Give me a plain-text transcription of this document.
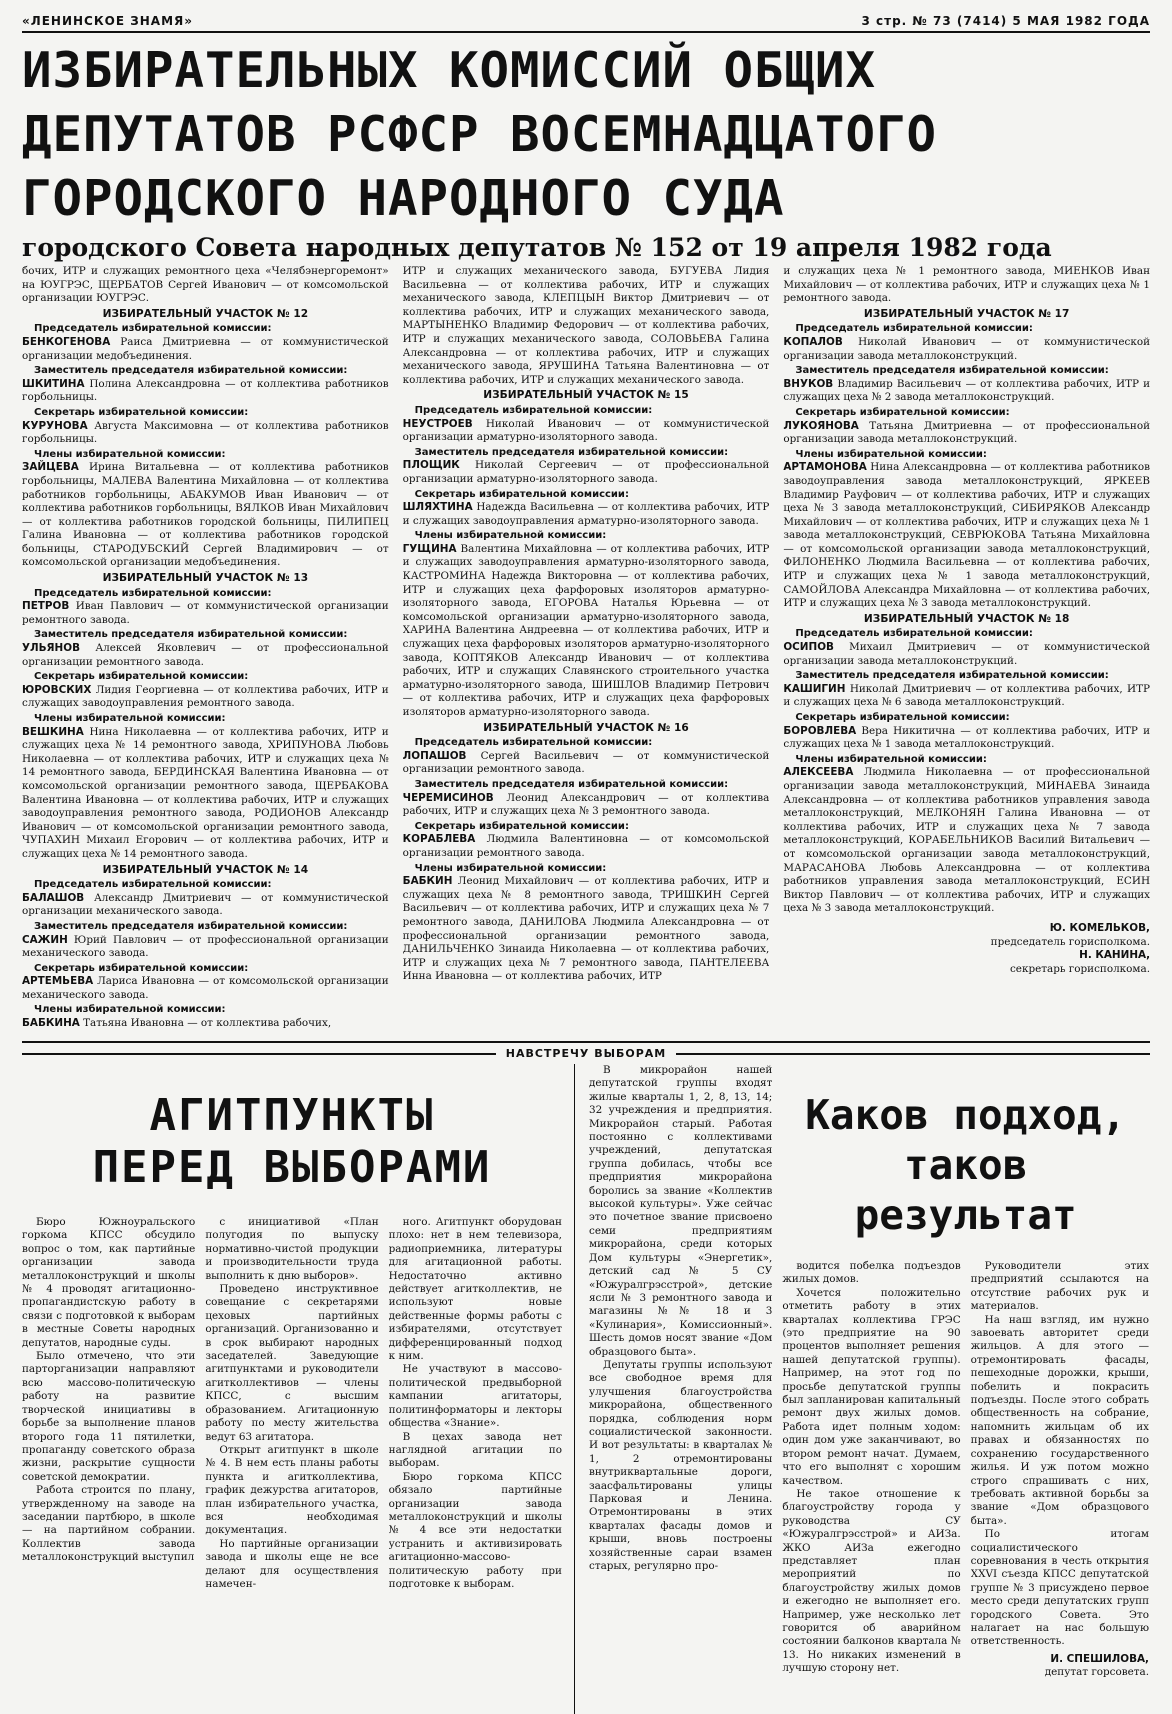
«ЛЕНИНСКОЕ ЗНАМЯ»	3 стр. № 73 (7414) 5 МАЯ 1982 ГОДА
ИЗБИРАТЕЛЬНЫХ КОМИССИЙ ОБЩИХ
ДЕПУТАТОВ РСФСР ВОСЕМНАДЦАТОГО
ГОРОДСКОГО НАРОДНОГО СУДА
городского Совета народных депутатов № 152 от 19 апреля 1982 года
бочих, ИТР и служащих ремонтного цеха «Челябэнергоремонт» на ЮУГРЭС, ЩЕРБАТОВ Сергей Иванович — от комсомольской организации ЮУГРЭС.
ИЗБИРАТЕЛЬНЫЙ УЧАСТОК № 12
Председатель избирательной комиссии:
БЕНКОГЕНОВА Раиса Дмитриевна — от коммунистической организации медобъединения.
Заместитель председателя избирательной комиссии:
ШКИТИНА Полина Александровна — от коллектива работников горбольницы.
Секретарь избирательной комиссии:
КУРУНОВА Августа Максимовна — от коллектива работников горбольницы.
Члены избирательной комиссии:
ЗАЙЦЕВА Ирина Витальевна — от коллектива работников горбольницы, МАЛЕВА Валентина Михайловна — от коллектива работников горбольницы, АБАКУМОВ Иван Иванович — от коллектива работников горбольницы, ВЯЛКОВ Иван Михайлович — от коллектива работников городской больницы, ПИЛИПЕЦ Галина Ивановна — от коллектива работников городской больницы, СТАРОДУБСКИЙ Сергей Владимирович — от комсомольской организации медобъединения.
ИЗБИРАТЕЛЬНЫЙ УЧАСТОК № 13
Председатель избирательной комиссии:
ПЕТРОВ Иван Павлович — от коммунистической организации ремонтного завода.
Заместитель председателя избирательной комиссии:
УЛЬЯНОВ Алексей Яковлевич — от профессиональной организации ремонтного завода.
Секретарь избирательной комиссии:
ЮРОВСКИХ Лидия Георгиевна — от коллектива рабочих, ИТР и служащих заводоуправления ремонтного завода.
Члены избирательной комиссии:
ВЕШКИНА Нина Николаевна — от коллектива рабочих, ИТР и служащих цеха № 14 ремонтного завода, ХРИПУНОВА Любовь Николаевна — от коллектива рабочих, ИТР и служащих цеха № 14 ремонтного завода, БЕРДИНСКАЯ Валентина Ивановна — от комсомольской организации ремонтного завода, ЩЕРБАКОВА Валентина Ивановна — от коллектива рабочих, ИТР и служащих заводоуправления ремонтного завода, РОДИОНОВ Александр Иванович — от комсомольской организации ремонтного завода, ЧУПАХИН Михаил Егорович — от коллектива рабочих, ИТР и служащих цеха № 14 ремонтного завода.
ИЗБИРАТЕЛЬНЫЙ УЧАСТОК № 14
Председатель избирательной комиссии:
БАЛАШОВ Александр Дмитриевич — от коммунистической организации механического завода.
Заместитель председателя избирательной комиссии:
САЖИН Юрий Павлович — от профессиональной организации механического завода.
Секретарь избирательной комиссии:
АРТЕМЬЕВА Лариса Ивановна — от комсомольской организации механического завода.
Члены избирательной комиссии:
БАБКИНА Татьяна Ивановна — от коллектива рабочих,
ИТР и служащих механического завода, БУГУЕВА Лидия Васильевна — от коллектива рабочих, ИТР и служащих механического завода, КЛЕПЦЫН Виктор Дмитриевич — от коллектива рабочих, ИТР и служащих механического завода, МАРТЫНЕНКО Владимир Федорович — от коллектива рабочих, ИТР и служащих механического завода, СОЛОВЬЕВА Галина Александровна — от коллектива рабочих, ИТР и служащих механического завода, ЯРУШИНА Татьяна Валентиновна — от коллектива рабочих, ИТР и служащих механического завода.
ИЗБИРАТЕЛЬНЫЙ УЧАСТОК № 15
Председатель избирательной комиссии:
НЕУСТРОЕВ Николай Иванович — от коммунистической организации арматурно-изоляторного завода.
Заместитель председателя избирательной комиссии:
ПЛОЩИК Николай Сергеевич — от профессиональной организации арматурно-изоляторного завода.
Секретарь избирательной комиссии:
ШЛЯХТИНА Надежда Васильевна — от коллектива рабочих, ИТР и служащих заводоуправления арматурно-изоляторного завода.
Члены избирательной комиссии:
ГУЩИНА Валентина Михайловна — от коллектива рабочих, ИТР и служащих заводоуправления арматурно-изоляторного завода, КАСТРОМИНА Надежда Викторовна — от коллектива рабочих, ИТР и служащих цеха фарфоровых изоляторов арматурно-изоляторного завода, ЕГОРОВА Наталья Юрьевна — от комсомольской организации арматурно-изоляторного завода, ХАРИНА Валентина Андреевна — от коллектива рабочих, ИТР и служащих цеха фарфоровых изоляторов арматурно-изоляторного завода, КОПТЯКОВ Александр Иванович — от коллектива рабочих, ИТР и служащих Славянского строительного участка арматурно-изоляторного завода, ШИШЛОВ Владимир Петрович — от коллектива рабочих, ИТР и служащих цеха фарфоровых изоляторов арматурно-изоляторного завода.
ИЗБИРАТЕЛЬНЫЙ УЧАСТОК № 16
Председатель избирательной комиссии:
ЛОПАШОВ Сергей Васильевич — от коммунистической организации ремонтного завода.
Заместитель председателя избирательной комиссии:
ЧЕРЕМИСИНОВ Леонид Александрович — от коллектива рабочих, ИТР и служащих цеха № 3 ремонтного завода.
Секретарь избирательной комиссии:
КОРАБЛЕВА Людмила Валентиновна — от комсомольской организации ремонтного завода.
Члены избирательной комиссии:
БАБКИН Леонид Михайлович — от коллектива рабочих, ИТР и служащих цеха № 8 ремонтного завода, ТРИШКИН Сергей Васильевич — от коллектива рабочих, ИТР и служащих цеха № 7 ремонтного завода, ДАНИЛОВА Людмила Александровна — от профессиональной организации ремонтного завода, ДАНИЛЬЧЕНКО Зинаида Николаевна — от коллектива рабочих, ИТР и служащих цеха № 7 ремонтного завода, ПАНТЕЛЕЕВА Инна Ивановна — от коллектива рабочих, ИТР
и служащих цеха № 1 ремонтного завода, МИЕНКОВ Иван Михайлович — от коллектива рабочих, ИТР и служащих цеха № 1 ремонтного завода.
ИЗБИРАТЕЛЬНЫЙ УЧАСТОК № 17
Председатель избирательной комиссии:
КОПАЛОВ Николай Иванович — от коммунистической организации завода металлоконструкций.
Заместитель председателя избирательной комиссии:
ВНУКОВ Владимир Васильевич — от коллектива рабочих, ИТР и служащих цеха № 2 завода металлоконструкций.
Секретарь избирательной комиссии:
ЛУКОЯНОВА Татьяна Дмитриевна — от профессиональной организации завода металлоконструкций.
Члены избирательной комиссии:
АРТАМОНОВА Нина Александровна — от коллектива работников заводоуправления завода металлоконструкций, ЯРКЕЕВ Владимир Рауфович — от коллектива рабочих, ИТР и служащих цеха № 3 завода металлоконструкций, СИБИРЯКОВ Александр Михайлович — от коллектива рабочих, ИТР и служащих цеха № 1 завода металлоконструкций, СЕВРЮКОВА Татьяна Михайловна — от комсомольской организации завода металлоконструкций, ФИЛОНЕНКО Людмила Васильевна — от коллектива рабочих, ИТР и служащих цеха № 1 завода металлоконструкций, САМОЙЛОВА Александра Михайловна — от коллектива рабочих, ИТР и служащих цеха № 3 завода металлоконструкций.
ИЗБИРАТЕЛЬНЫЙ УЧАСТОК № 18
Председатель избирательной комиссии:
ОСИПОВ Михаил Дмитриевич — от коммунистической организации завода металлоконструкций.
Заместитель председателя избирательной комиссии:
КАШИГИН Николай Дмитриевич — от коллектива рабочих, ИТР и служащих цеха № 6 завода металлоконструкций.
Секретарь избирательной комиссии:
БОРОВЛЕВА Вера Никитична — от коллектива рабочих, ИТР и служащих цеха № 1 завода металлоконструкций.
Члены избирательной комиссии:
АЛЕКСЕЕВА Людмила Николаевна — от профессиональной организации завода металлоконструкций, МИНАЕВА Зинаида Александровна — от коллектива работников управления завода металлоконструкций, МЕЛКОНЯН Галина Ивановна — от коллектива рабочих, ИТР и служащих цеха № 7 завода металлоконструкций, КОРАБЕЛЬНИКОВ Василий Витальевич — от комсомольской организации завода металлоконструкций, МАРАСАНОВА Любовь Александровна — от коллектива работников управления завода металлоконструкций, ЕСИН Виктор Павлович — от коллектива рабочих, ИТР и служащих цеха № 3 завода металлоконструкций.
Ю. КОМЕЛЬКОВ,
председатель горисполкома.
Н. КАНИНА,
секретарь горисполкома.
НАВСТРЕЧУ ВЫБОРАМ
АГИТПУНКТЫ
ПЕРЕД ВЫБОРАМИ

Бюро Южноуральского горкома КПСС обсудило вопрос о том, как партийные организации завода металлоконструкций и школы № 4 проводят агитационно-пропагандистскую работу в связи с подготовкой к выборам в местные Советы народных депутатов, народные суды.

Было отмечено, что эти парторганизации направляют всю массово-политическую работу на развитие творческой инициативы в борьбе за выполнение планов второго года 11 пятилетки, пропаганду советского образа жизни, раскрытие сущности советской демократии.

Работа строится по плану, утвержденному на заводе на заседании партбюро, в школе — на партийном собрании. Коллектив завода металлоконструкций выступил

с инициативой «План полугодия по выпуску нормативно-чистой продукции и производительности труда выполнить к дню выборов».

Проведено инструктивное совещание с секретарями цеховых партийных организаций. Организованно и в срок выбирают народных заседателей. Заведующие агитпунктами и руководители агитколлективов — члены КПСС, с высшим образованием. Агитационную работу по месту жительства ведут 63 агитатора.

Открыт агитпункт в школе № 4. В нем есть планы работы пункта и агитколлектива, график дежурства агитаторов, план избирательного участка, вся необходимая документация.

Но партийные организации завода и школы еще не все делают для осуществления намечен-

ного. Агитпункт оборудован плохо: нет в нем телевизора, радиоприемника, литературы для агитационной работы. Недостаточно активно действует агитколлектив, не используют новые действенные формы работы с избирателями, отсутствует дифференцированный подход к ним.

Не участвуют в массово-политической предвыборной кампании агитаторы, политинформаторы и лекторы общества «Знание».

В цехах завода нет наглядной агитации по выборам.

Бюро горкома КПСС обязало партийные организации завода металлоконструкций и школы № 4 все эти недостатки устранить и активизировать агитационно-массово-политическую работу при подготовке к выборам.

В микрорайон нашей депутатской группы входят жилые кварталы 1, 2, 8, 13, 14; 32 учреждения и предприятия. Микрорайон старый. Работая постоянно с коллективами учреждений, депутатская группа добилась, чтобы все предприятия микрорайона боролись за звание «Коллектив высокой культуры». Уже сейчас это почетное звание присвоено семи предприятиям микрорайона, среди которых Дом культуры «Энергетик», детский сад № 5 СУ «Южуралгрэсстрой», детские ясли № 3 ремонтного завода и магазины №№ 18 и 3 «Кулинария», Комиссионный». Шесть домов носят звание «Дом образцового быта».

Депутаты группы используют все свободное время для улучшения благоустройства микрорайона, общественного порядка, соблюдения норм социалистической законности. И вот результаты: в кварталах № 1, 2 отремонтированы внутриквартальные дороги, заасфальтированы улицы Парковая и Ленина. Отремонтированы в этих кварталах фасады домов и крыши, вновь построены хозяйственные сараи взамен старых, регулярно про-

Каков подход,
таков результат

водится побелка подъездов жилых домов.

Хочется положительно отметить работу в этих кварталах коллектива ГРЭС (это предприятие на 90 процентов выполняет решения нашей депутатской группы). Например, на этот год по просьбе депутатской группы был запланирован капитальный ремонт двух жилых домов. Работа идет полным ходом: один дом уже заканчивают, во втором ремонт начат. Думаем, что его выполнят с хорошим качеством.

Не такое отношение к благоустройству города у руководства СУ «Южуралгрэсстрой» и АИЗа. ЖКО АИЗа ежегодно представляет план мероприятий по благоустройству жилых домов и ежегодно не выполняет его. Например, уже несколько лет говорится об аварийном состоянии балконов квартала № 13. Но никаких изменений в лучшую сторону нет.

Руководители этих предприятий ссылаются на отсутствие рабочих рук и материалов.

На наш взгляд, им нужно завоевать авторитет среди жильцов. А для этого — отремонтировать фасады, пешеходные дорожки, крыши, побелить и покрасить подъезды. После этого собрать общественность на собрание, напомнить жильцам об их правах и обязанностях по сохранению государственного жилья. И уж потом можно строго спрашивать с них, требовать активной борьбы за звание «Дом образцового быта».

По итогам социалистического соревнования в честь открытия XXVI съезда КПСС депутатской группе № 3 присуждено первое место среди депутатских групп городского Совета. Это налагает на нас большую ответственность.

И. СПЕШИЛОВА,
депутат горсовета.
